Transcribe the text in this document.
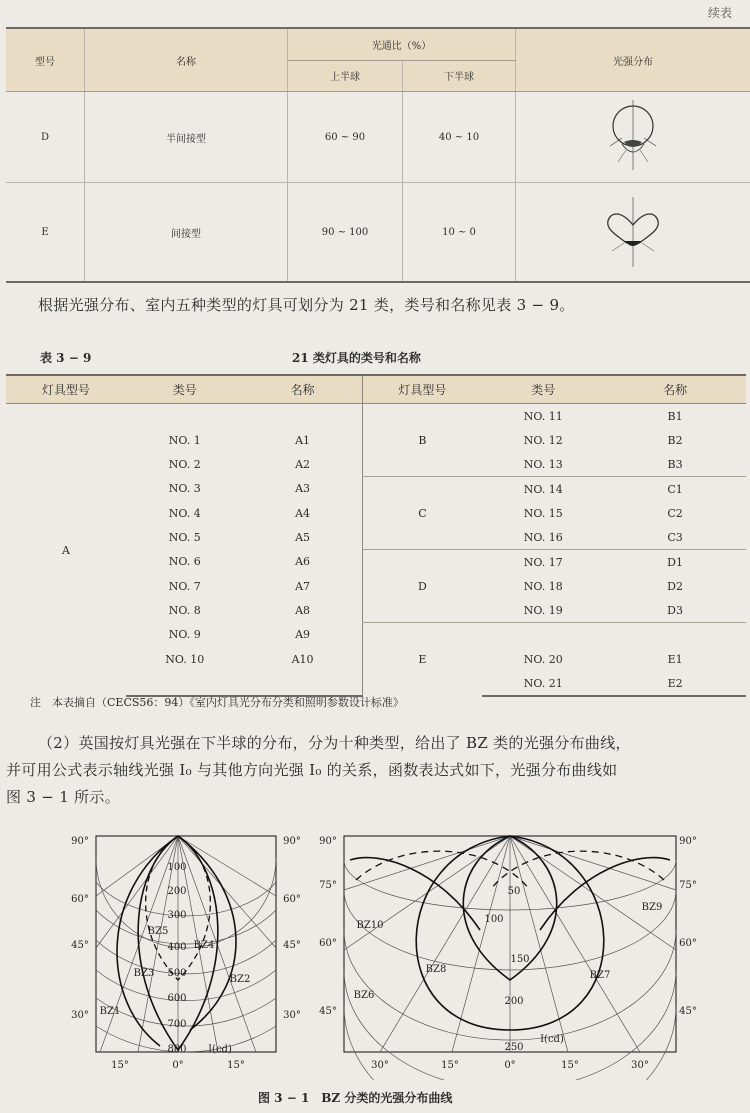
续表
型号	名称	光通比（%）		光强分布
		上半球	下半球	
D	半间接型	60 ~ 90	40 ~ 10	
E	间接型	90 ~ 100	10 ~ 0	
根据光强分布、室内五种类型的灯具可划分为 21 类，类号和名称见表 3 − 9。
表 3 − 9	21 类灯具的类号和名称
灯具型号	类号	名称	灯具型号	类号	名称
A			B	NO. 11	B1
	NO. 1	A1		NO. 12	B2
	NO. 2	A2		NO. 13	B3
	NO. 3	A3	C	NO. 14	C1
	NO. 4	A4		NO. 15	C2
	NO. 5	A5		NO. 16	C3
	NO. 6	A6	D	NO. 17	D1
	NO. 7	A7		NO. 18	D2
	NO. 8	A8		NO. 19	D3
	NO. 9	A9	E		
	NO. 10	A10		NO. 20	E1
				NO. 21	E2
注　本表摘自（CECS56：94）《室内灯具光分布分类和照明参数设计标准》
（2）英国按灯具光强在下半球的分布，分为十种类型，给出了 BZ 类的光强分布曲线，
并可用公式表示轴线光强 I₀ 与其他方向光强 I₀ 的关系，函数表达式如下，光强分布曲线如
图 3 − 1 所示。
100
200
300
400
500
600
700
800 I(cd)
BZ5
BZ4
BZ3
BZ2
BZ1
90°
60°
45°
30°
90°
60°
45°
30°
15°	0°	15°
50
100
150
200
250
I(cd)
BZ10
BZ9
BZ8
BZ7
BZ6
90°
75°
60°
45°
90°
75°
60°
45°
30°	15°	0°	15°	30°
图 3 − 1　BZ 分类的光强分布曲线
